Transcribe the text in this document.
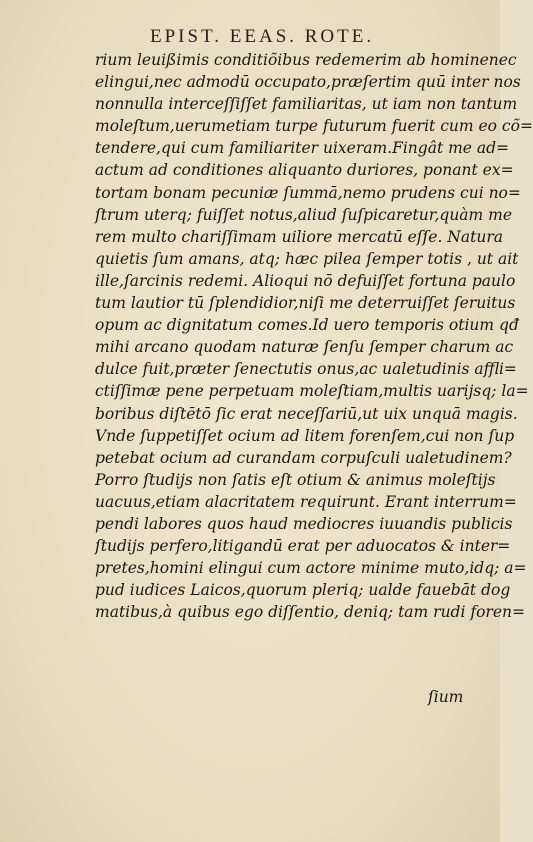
EPIST. EEAS. ROTE.
rium leuißimis conditiõibus redemerim ab hominenec
elingui,nec admodū occupato,præſertim quū inter nos
nonnulla interceſſiſſet familiaritas, ut iam non tantum
moleſtum,uerumetiam turpe futurum fuerit cum eo cõ=
tendere,qui cum familiariter uixeram.Fingât me ad=
actum ad conditiones aliquanto duriores, ponant ex=
tortam bonam pecuniæ ſummā,nemo prudens cui no=
ſtrum uterq; fuiſſet notus,aliud ſuſpicaretur,quàm me
rem multo chariſſimam uiliore mercatū eſſe. Natura
quietis ſum amans, atq; hæc pilea ſemper totis , ut ait
ille,ſarcinis redemi. Alioqui nō defuiſſet fortuna paulo
tum lautior tū ſplendidior,niſi me deterruiſſet ſeruitus
opum ac dignitatum comes.Id uero temporis otium qđ
mihi arcano quodam naturæ ſenſu ſemper charum ac
dulce fuit,præter ſenectutis onus,ac ualetudinis affli=
ctiſſimæ pene perpetuam moleſtiam,multis uarijsq; la=
boribus diſtētō ſic erat neceſſariū,ut uix unquā magis.
Vnde ſuppetiſſet ocium ad litem forenſem,cui non ſup
petebat ocium ad curandam corpuſculi ualetudinem?
Porro ſtudijs non ſatis eſt otium & animus moleſtijs
uacuus,etiam alacritatem requirunt. Erant interrum=
pendi labores quos haud mediocres iuuandis publicis
ſtudijs perfero,litigandū erat per aduocatos & inter=
pretes,homini elingui cum actore minime muto,idq; a=
pud iudices Laicos,quorum pleriq; ualde fauebāt dog
matibus,à quibus ego diſſentio, deniq; tam rudi foren=
ſium
